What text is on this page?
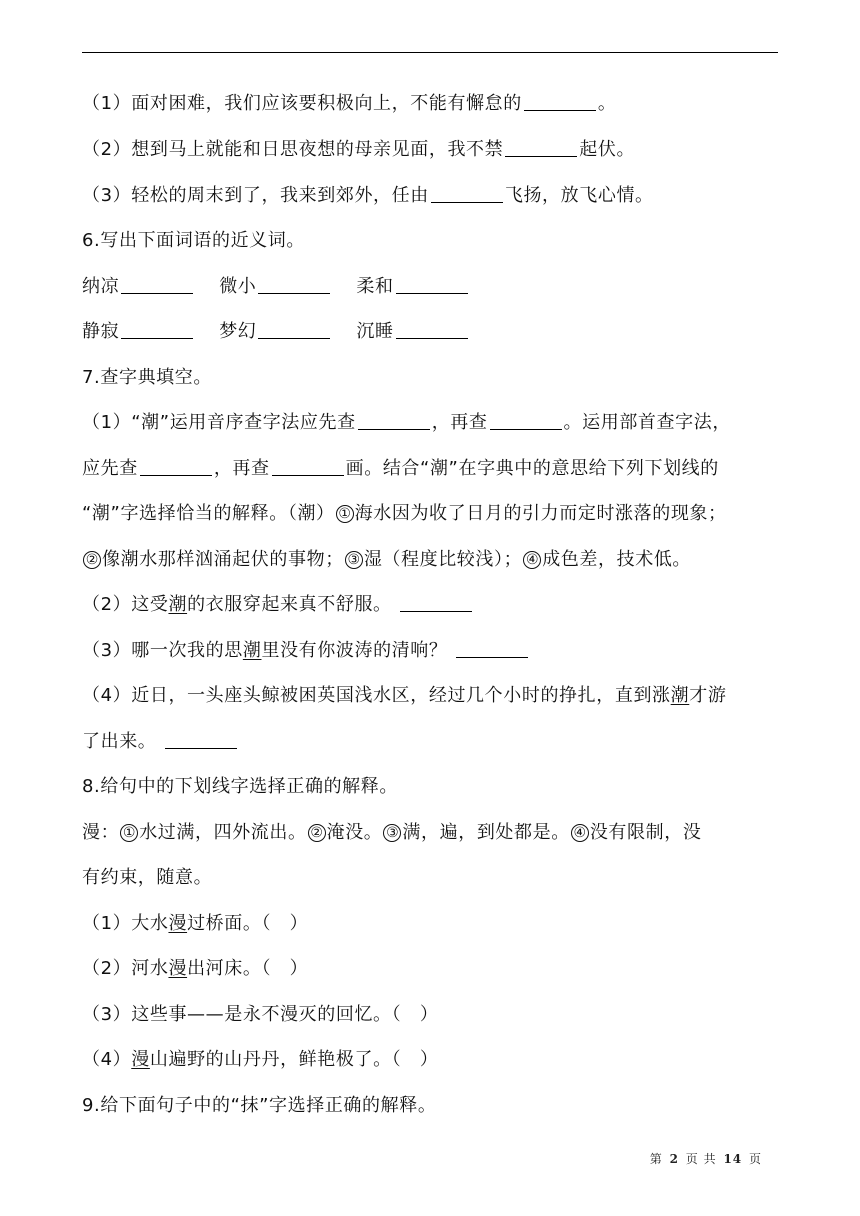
（1）面对困难，我们应该要积极向上，不能有懈怠的	。
（2）想到马上就能和日思夜想的母亲见面，我不禁	起伏。
（3）轻松的周末到了，我来到郊外，任由	飞扬，放飞心情。
6.写出下面词语的近义词。
纳凉	微小	柔和
静寂	梦幻	沉睡
7.查字典填空。
（1）“潮”运用音序查字法应先查	，再查	。运用部首查字法，
应先查	，再查	画。结合“潮”在字典中的意思给下列下划线的
“潮”字选择恰当的解释。（潮） ① 海水因为收了日月的引力而定时涨落的现象；
② 像潮水那样汹涌起伏的事物； ③ 湿（程度比较浅）； ④ 成色差，技术低。
（2）这受潮的衣服穿起来真不舒服。
（3）哪一次我的思潮里没有你波涛的清响？
（4）近日，一头座头鲸被困英国浅水区，经过几个小时的挣扎，直到涨潮才游
了出来。
8.给句中的下划线字选择正确的解释。
漫： ① 水过满，四外流出。 ② 淹没。 ③ 满，遍，到处都是。 ④ 没有限制，没
有约束，随意。
（1）大水漫过桥面。（　）
（2）河水漫出河床。（　）
（3）这些事——是永不漫灭的回忆。（　）
（4）漫山遍野的山丹丹，鲜艳极了。（　）
9.给下面句子中的“抹”字选择正确的解释。
第 2 页 共 14 页
